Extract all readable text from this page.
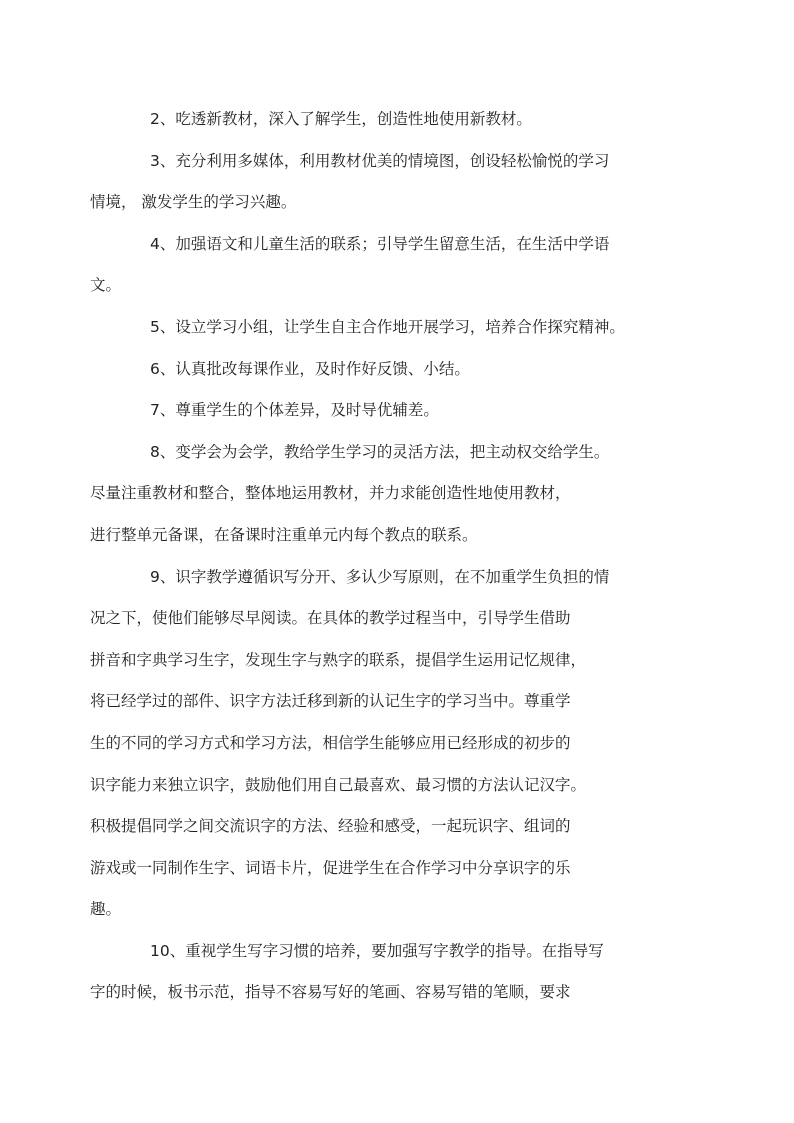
2、吃透新教材，深入了解学生，创造性地使用新教材。

3、充分利用多媒体，利用教材优美的情境图，创设轻松愉悦的学习
情境， 激发学生的学习兴趣。

4、加强语文和儿童生活的联系；引导学生留意生活，在生活中学语
文。

5、设立学习小组，让学生自主合作地开展学习，培养合作探究精神。

6、认真批改每课作业，及时作好反馈、小结。

7、尊重学生的个体差异，及时导优辅差。

8、变学会为会学，教给学生学习的灵活方法，把主动权交给学生。
尽量注重教材和整合，整体地运用教材，并力求能创造性地使用教材，
进行整单元备课，在备课时注重单元内每个教点的联系。

9、识字教学遵循识写分开、多认少写原则，在不加重学生负担的情
况之下，使他们能够尽早阅读。在具体的教学过程当中，引导学生借助
拼音和字典学习生字，发现生字与熟字的联系，提倡学生运用记忆规律，
将已经学过的部件、识字方法迁移到新的认记生字的学习当中。尊重学
生的不同的学习方式和学习方法，相信学生能够应用已经形成的初步的
识字能力来独立识字，鼓励他们用自己最喜欢、最习惯的方法认记汉字。
积极提倡同学之间交流识字的方法、经验和感受，一起玩识字、组词的
游戏或一同制作生字、词语卡片，促进学生在合作学习中分享识字的乐
趣。

10、重视学生写字习惯的培养，要加强写字教学的指导。在指导写
字的时候，板书示范，指导不容易写好的笔画、容易写错的笔顺，要求
